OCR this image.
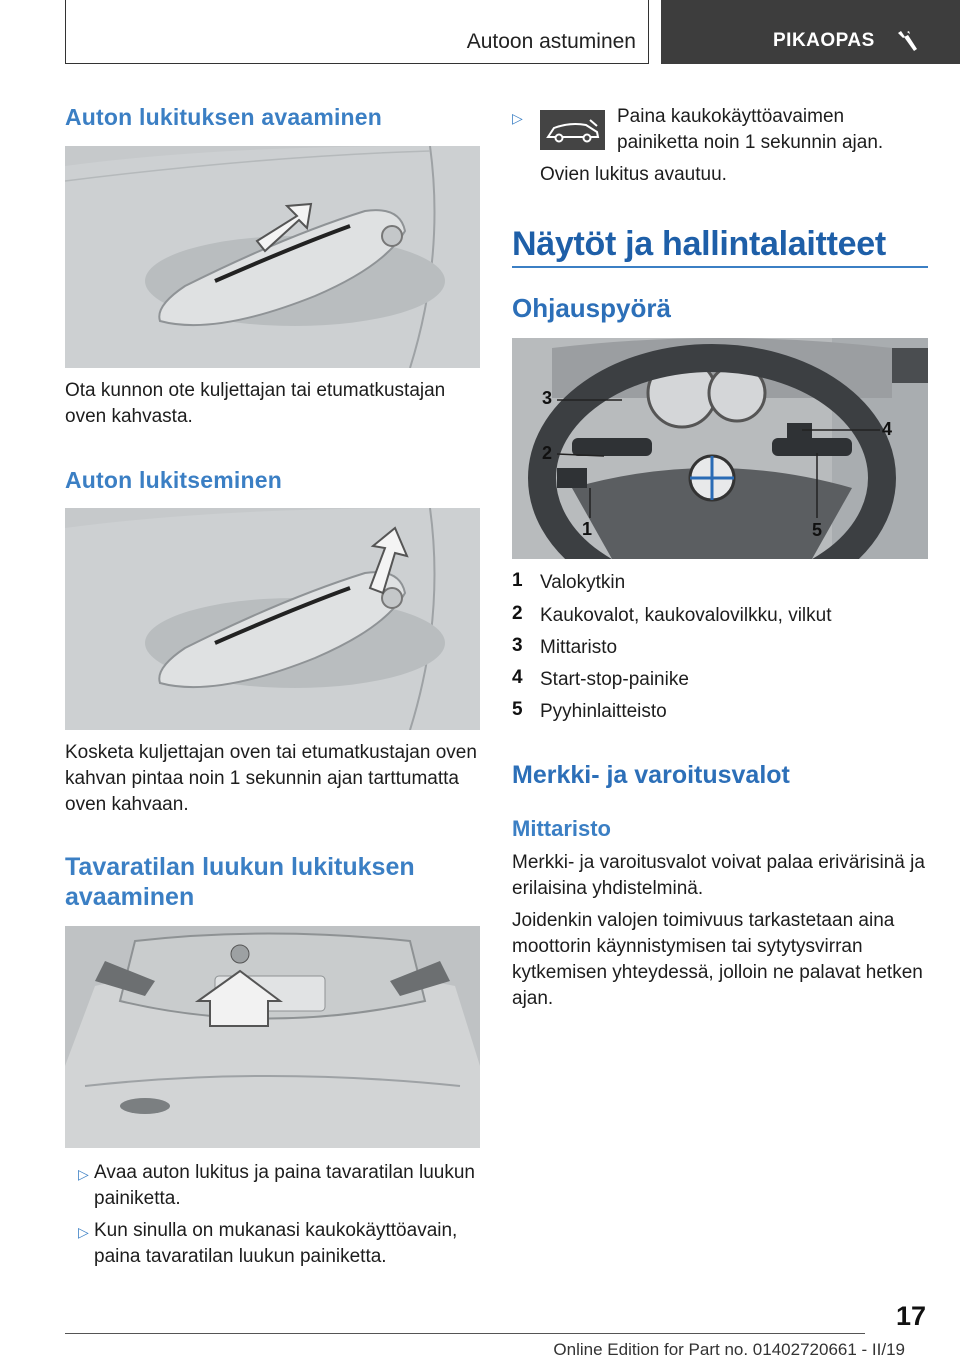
Autoon astuminen	PIKAOPAS
Auton lukituksen avaaminen
Ota kunnon ote kuljettajan tai etumatkustajan oven kahvasta.
Auton lukitseminen
Kosketa kuljettajan oven tai etumatkustajan oven kahvan pintaa noin 1 sekunnin ajan tarttumatta oven kahvaan.
Tavaratilan luukun lukituksen avaaminen
▷ Avaa auton lukitus ja paina tavaratilan luukun painiketta.
▷ Kun sinulla on mukanasi kaukokäyttöavain, paina tavaratilan luukun painiketta.
▷	Paina kaukokäyttöavaimen painiketta noin 1 sekunnin ajan.
Ovien lukitus avautuu.
Näytöt ja hallintalaitteet
Ohjauspyörä
3
2
1
4
5
1 Valokytkin
2 Kaukovalot, kaukovalovilkku, vilkut
3 Mittaristo
4 Start-stop-painike
5 Pyyhinlaitteisto
Merkki- ja varoitusvalot
Mittaristo
Merkki- ja varoitusvalot voivat palaa erivärisinä ja erilaisina yhdistelminä.
Joidenkin valojen toimivuus tarkastetaan aina moottorin käynnistymisen tai sytytysvirran kytkemisen yhteydessä, jolloin ne palavat hetken ajan.
17
Online Edition for Part no. 01402720661 - II/19
